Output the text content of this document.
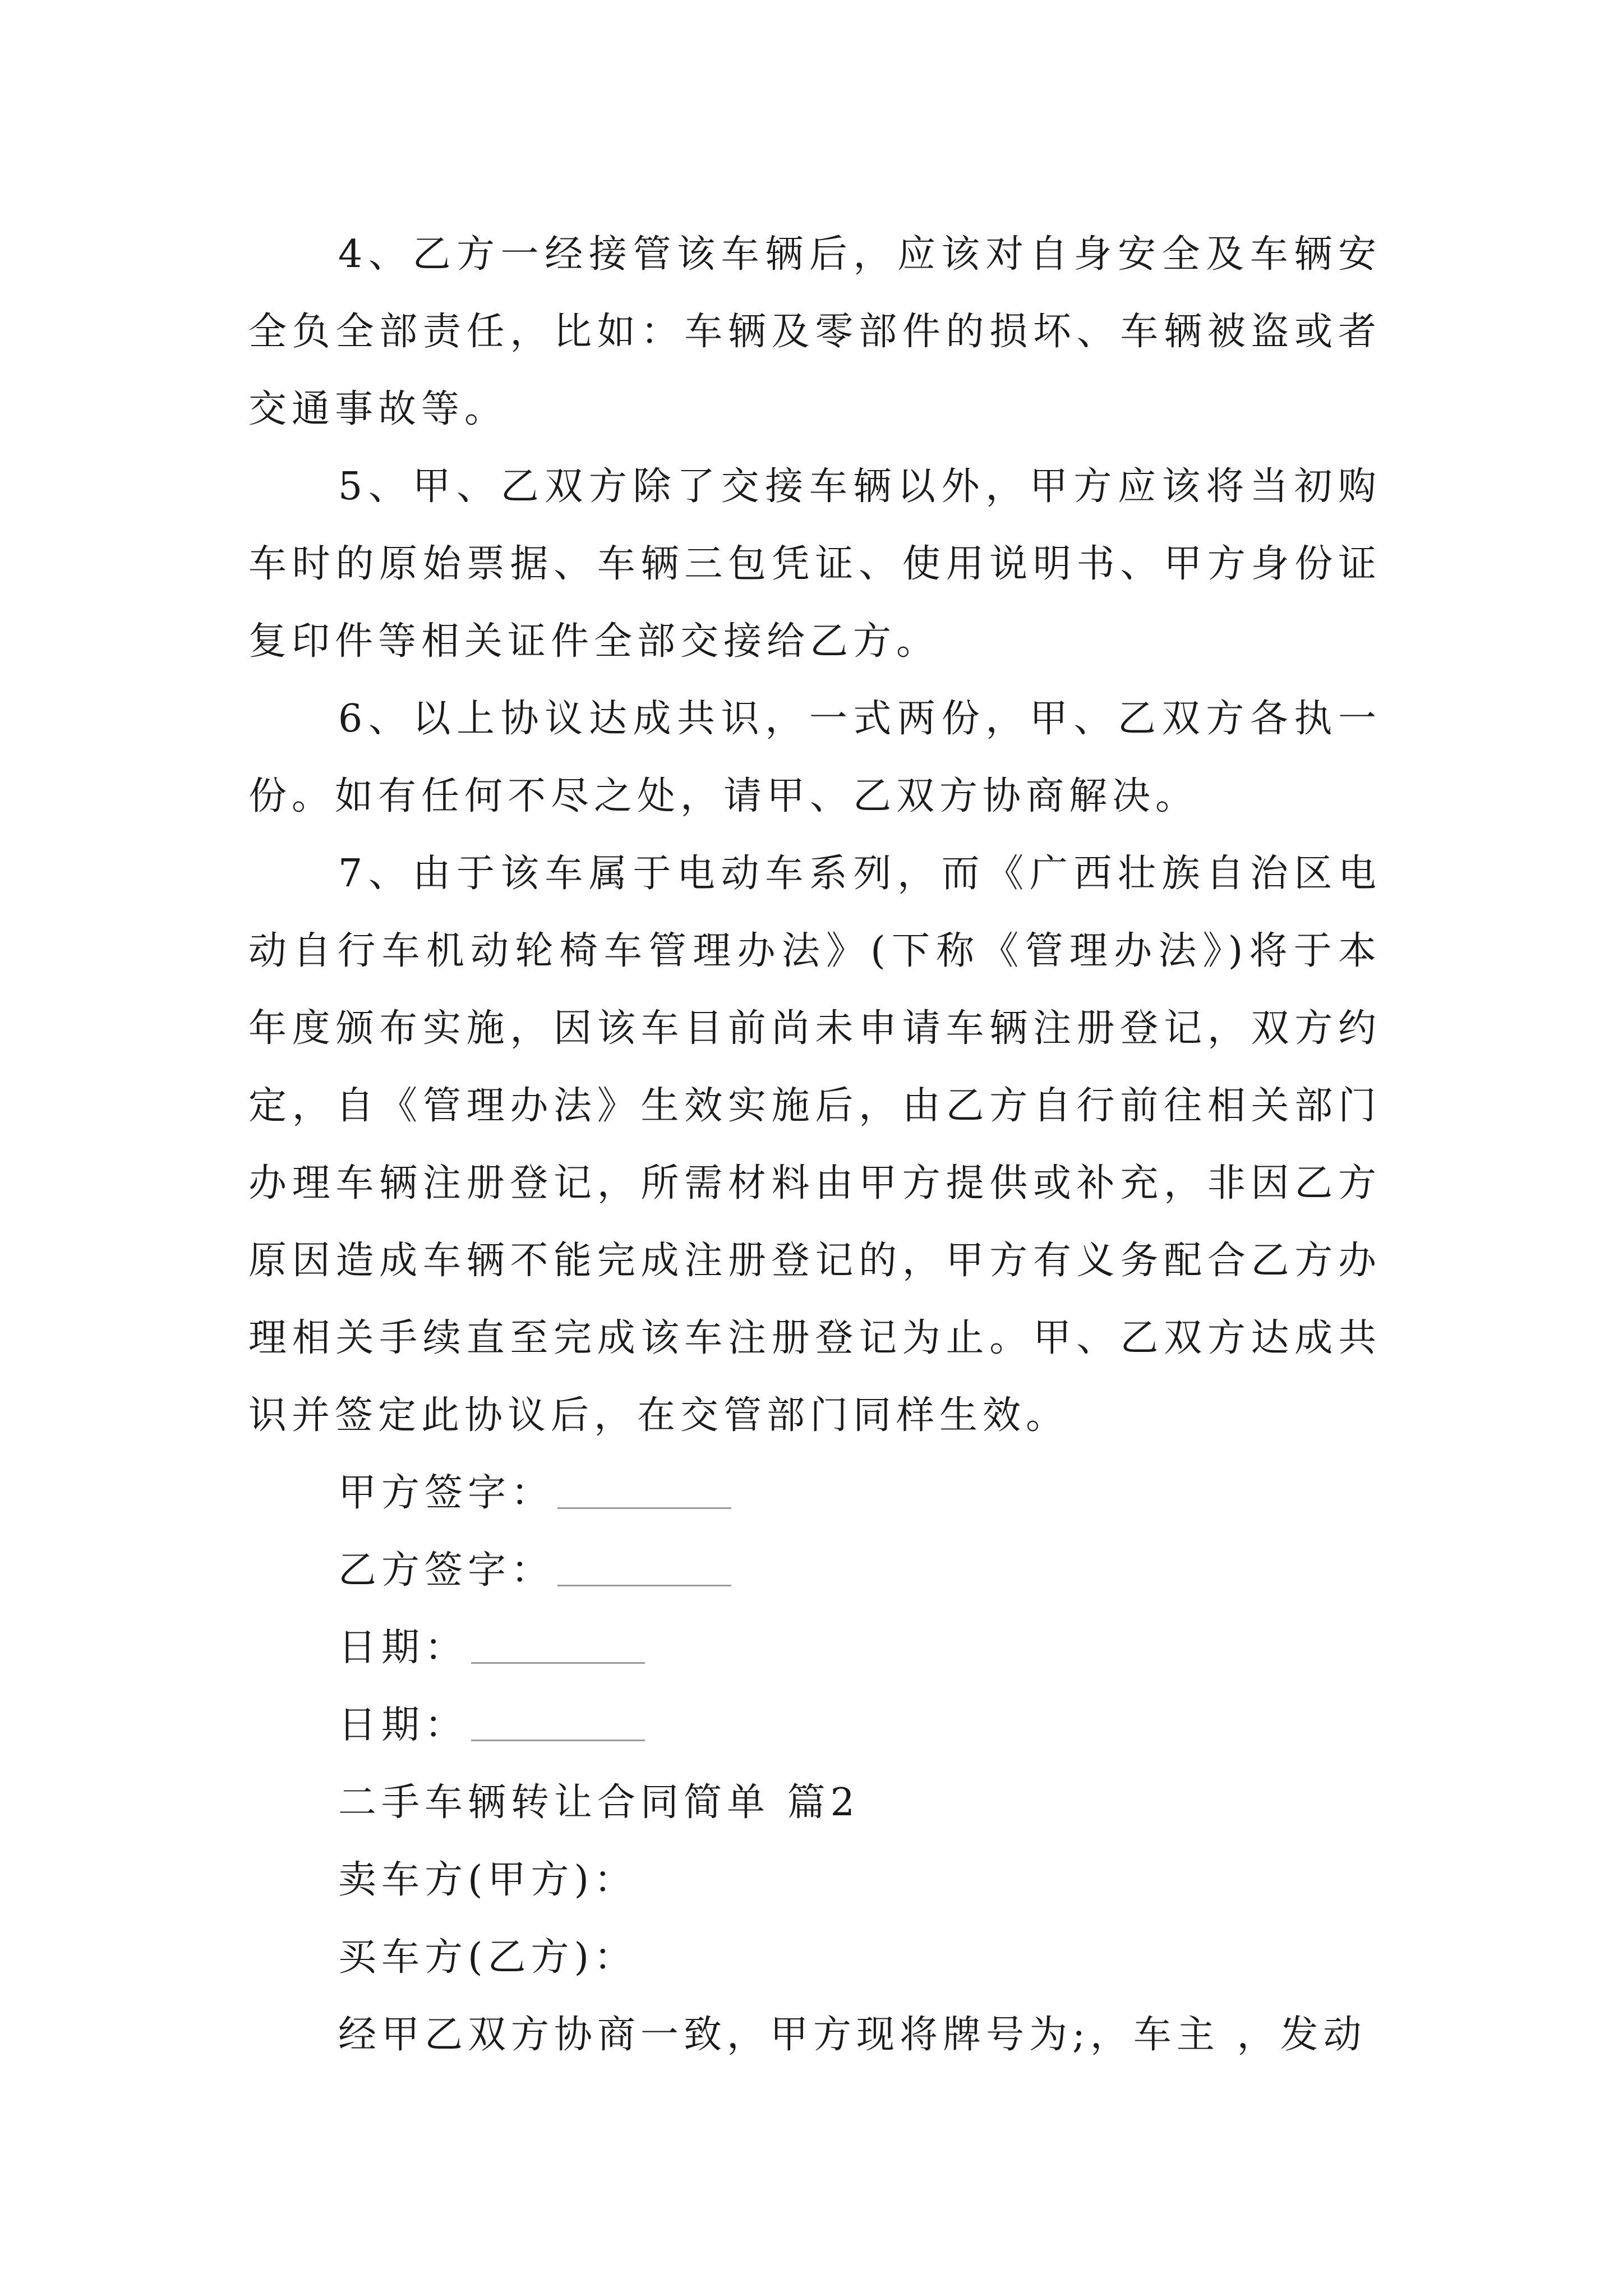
4、乙方一经接管该车辆后，应该对自身安全及车辆安全负全部责任，比如：车辆及零部件的损坏、车辆被盗或者交通事故等。

5、甲、乙双方除了交接车辆以外，甲方应该将当初购车时的原始票据、车辆三包凭证、使用说明书、甲方身份证复印件等相关证件全部交接给乙方。

6、以上协议达成共识，一式两份，甲、乙双方各执一份。如有任何不尽之处，请甲、乙双方协商解决。

7、由于该车属于电动车系列，而《广西壮族自治区电动自行车机动轮椅车管理办法》(下称《管理办法》)将于本年度颁布实施，因该车目前尚未申请车辆注册登记，双方约定，自《管理办法》生效实施后，由乙方自行前往相关部门办理车辆注册登记，所需材料由甲方提供或补充，非因乙方原因造成车辆不能完成注册登记的，甲方有义务配合乙方办理相关手续直至完成该车注册登记为止。甲、乙双方达成共识并签定此协议后，在交管部门同样生效。

甲方签字：

乙方签字：

日期：

日期：

二手车辆转让合同简单 篇2

卖车方(甲方)：

买车方(乙方)：

经甲乙双方协商一致，甲方现将牌号为;，车主 ，发动
